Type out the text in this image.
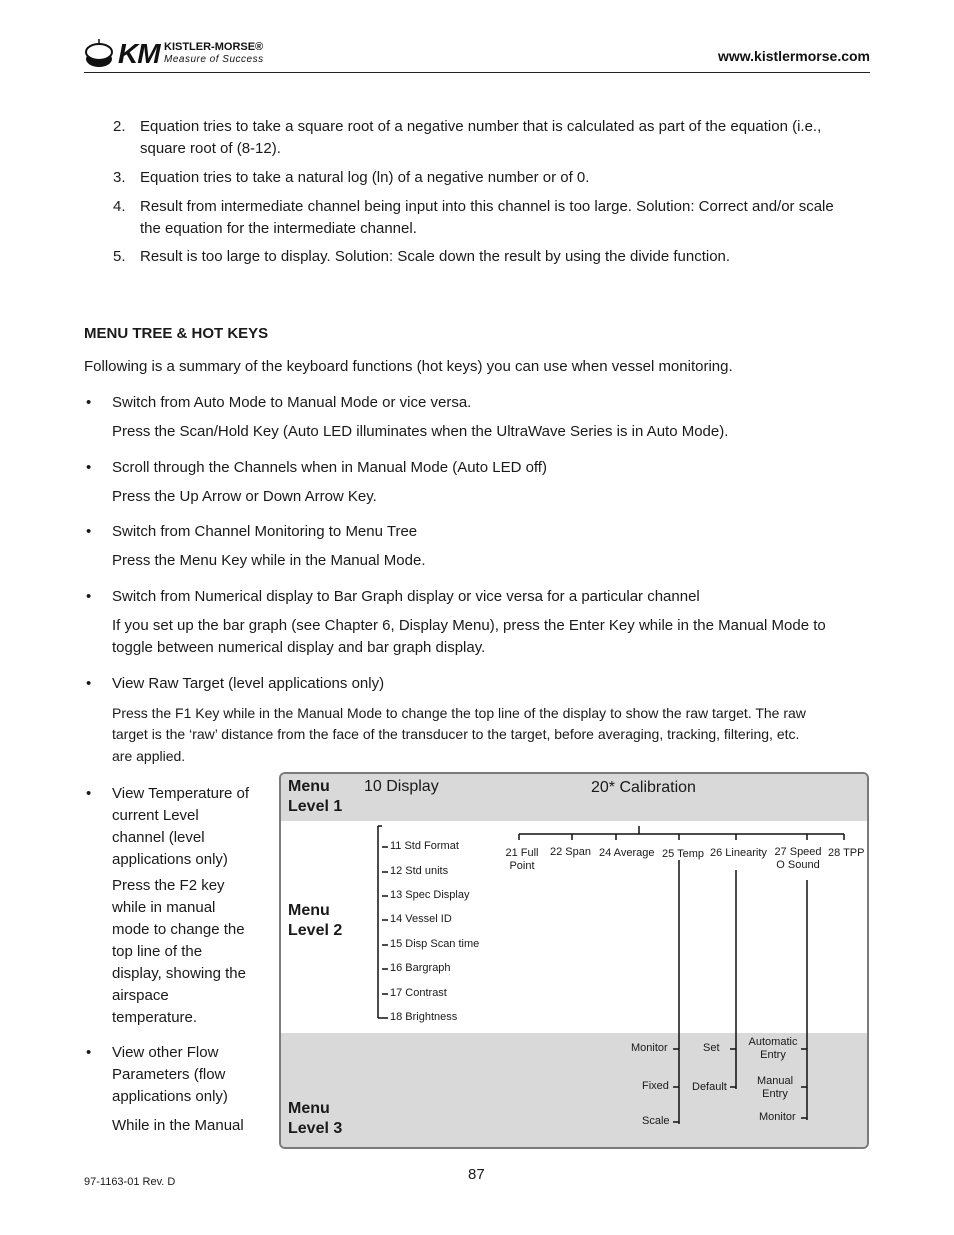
KM KISTLER-MORSE®
Measure of Success	www.kistlermorse.com
2. Equation tries to take a square root of a negative number that is calculated as part of the equation (i.e.,
square root of (8-12).
3. Equation tries to take a natural log (ln) of a negative number or of 0.
4. Result from intermediate channel being input into this channel is too large. Solution: Correct and/or scale
the equation for the intermediate channel.
5. Result is too large to display. Solution: Scale down the result by using the divide function.
MENU TREE & HOT KEYS
Following is a summary of the keyboard functions (hot keys) you can use when vessel monitoring.
• Switch from Auto Mode to Manual Mode or vice versa.
Press the Scan/Hold Key (Auto LED illuminates when the UltraWave Series is in Auto Mode).
• Scroll through the Channels when in Manual Mode (Auto LED off)
Press the Up Arrow or Down Arrow Key.
• Switch from Channel Monitoring to Menu Tree
Press the Menu Key while in the Manual Mode.
• Switch from Numerical display to Bar Graph display or vice versa for a particular channel
If you set up the bar graph (see Chapter 6, Display Menu), press the Enter Key while in the Manual Mode to
toggle between numerical display and bar graph display.
• View Raw Target (level applications only)
Press the F1 Key while in the Manual Mode to change the top line of the display to show the raw target. The raw
target is the ‘raw’ distance from the face of the transducer to the target, before averaging, tracking, filtering, etc.
are applied.
• View Temperature of
current Level
channel (level
applications only)
Press the F2 key
while in manual
mode to change the
top line of the
display, showing the
airspace
temperature.
• View other Flow
Parameters (flow
applications only)
While in the Manual
Menu
Level 1
Menu
Level 2
Menu
Level 3
10 Display	20* Calibration
11 Std Format
12 Std units
13 Spec Display
14 Vessel ID
15 Disp Scan time
16 Bargraph
17 Contrast
18 Brightness
21 Full
Point
22 Span 24 Average 25 Temp 26 Linearity 27 Speed
O Sound
28 TPP
Monitor
Fixed
Scale
Set
Default
Automatic
Entry
Manual
Entry
Monitor
97-1163-01 Rev. D	87
